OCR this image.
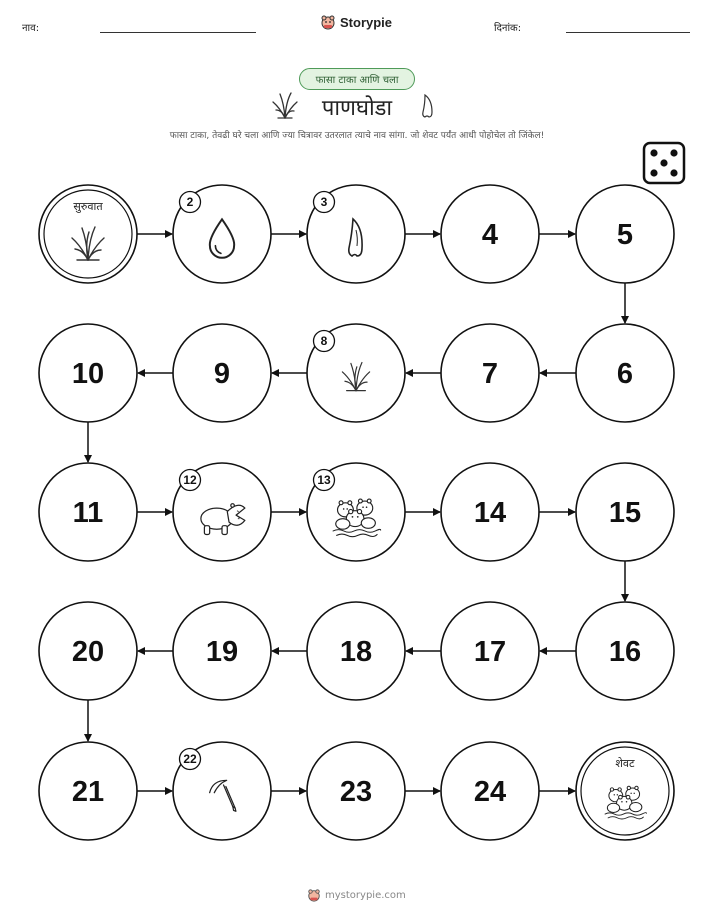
नाव:	Storypie	दिनांक:
फासा टाका आणि चला
पाणघोडा
फासा टाका, तेवढी घरे चला आणि ज्या चित्रावर उतरलात त्याचे नाव सांगा. जो शेवट पर्यंत आधी पोहोचेल तो जिंकेल!
सुरुवात	2	3
4	5
6
7
8
9
10
11
12	13
14	15
16
17
18
19
20
21
22
23	24
शेवट
mystorypie.com
